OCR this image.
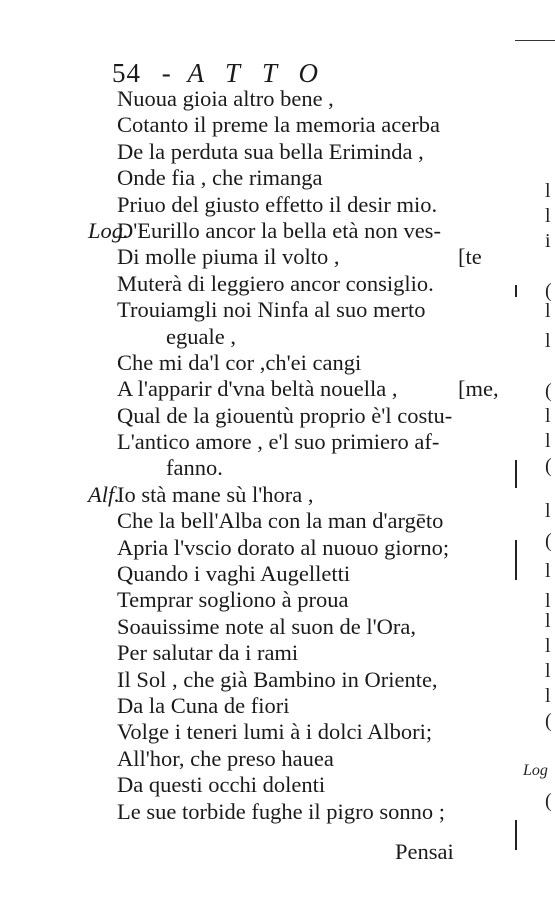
54 - ATTO
Nuoua gioia altro bene ,
Cotanto il preme la memoria acerba
De la perduta sua bella Eriminda ,
Onde fia , che rimanga
Priuo del giusto effetto il desir mio.
Log.
D'Eurillo ancor la bella età non ves-
Di molle piuma il volto ,	[te
Muterà di leggiero ancor consiglio.
Trouiamgli noi Ninfa al suo merto
eguale ,
Che mi da'l cor ,ch'ei cangi
A l'apparir d'vna beltà nouella ,	[me,
Qual de la giouentù proprio è'l costu-
L'antico amore , e'l suo primiero af-
fanno.
Alf.
Io stà mane sù l'hora ,
Che la bell'Alba con la man d'argēto
Apria l'vscio dorato al nuouo giorno;
Quando i vaghi Augelletti
Temprar sogliono à proua
Soauissime note al suon de l'Ora,
Per salutar da i rami
Il Sol , che già Bambino in Oriente,
Da la Cuna de fiori
Volge i teneri lumi à i dolci Albori;
All'hor, che preso hauea
Da questi occhi dolenti
Le sue torbide fughe il pigro sonno ;
Pensai
l
l
i
(
l
l
(
l
l
(
l
(
l
l
l
l
l
l
(
(
Log
